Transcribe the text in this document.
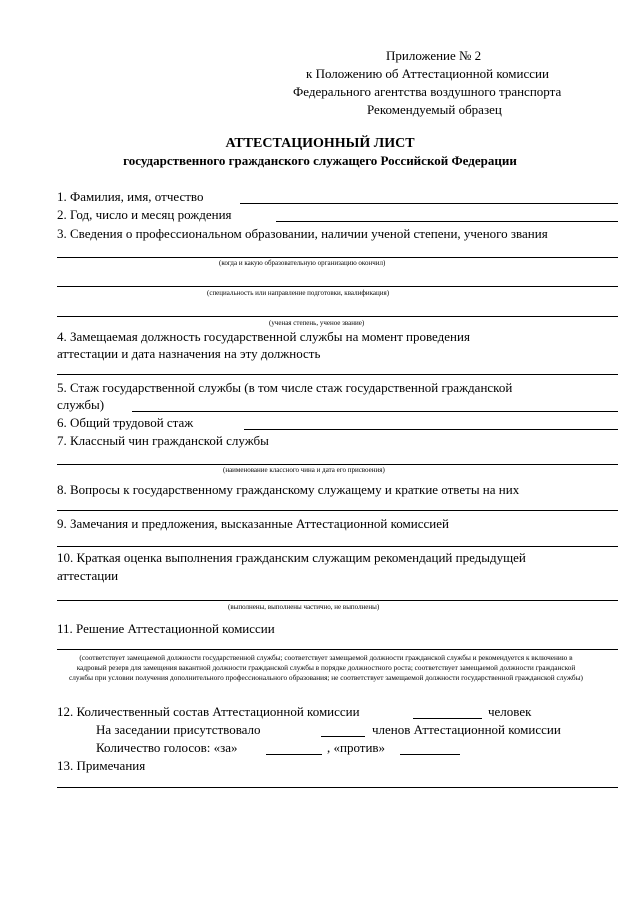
Приложение № 2
к Положению об Аттестационной комиссии
Федерального агентства воздушного транспорта
Рекомендуемый образец
АТТЕСТАЦИОННЫЙ ЛИСТ
государственного гражданского служащего Российской Федерации
1. Фамилия, имя, отчество
2. Год, число и месяц рождения
3. Сведения о профессиональном образовании, наличии ученой степени, ученого звания
(когда и какую образовательную организацию окончил)
(специальность или направление подготовки, квалификация)
(ученая степень, ученое звание)
4. Замещаемая должность государственной службы на момент проведения
аттестации и дата назначения на эту должность
5. Стаж государственной службы (в том числе стаж государственной гражданской
службы)
6. Общий трудовой стаж
7. Классный чин гражданской службы
(наименование классного чина и дата его присвоения)
8. Вопросы к государственному гражданскому служащему и краткие ответы на них
9. Замечания и предложения, высказанные Аттестационной комиссией
10. Краткая оценка выполнения гражданским служащим рекомендаций предыдущей
аттестации
(выполнены, выполнены частично, не выполнены)
11. Решение Аттестационной комиссии
(соответствует замещаемой должности государственной службы; соответствует замещаемой должности гражданской службы и рекомендуется к включению в кадровый резерв для замещения вакантной должности гражданской службы в порядке должностного роста; соответствует замещаемой должности гражданской службы при условии получения дополнительного профессионального образования; не соответствует замещаемой должности государственной гражданской службы)
12. Количественный состав Аттестационной комиссии	человек
На заседании присутствовало	членов Аттестационной комиссии
Количество голосов: «за»	, «против»
13. Примечания
